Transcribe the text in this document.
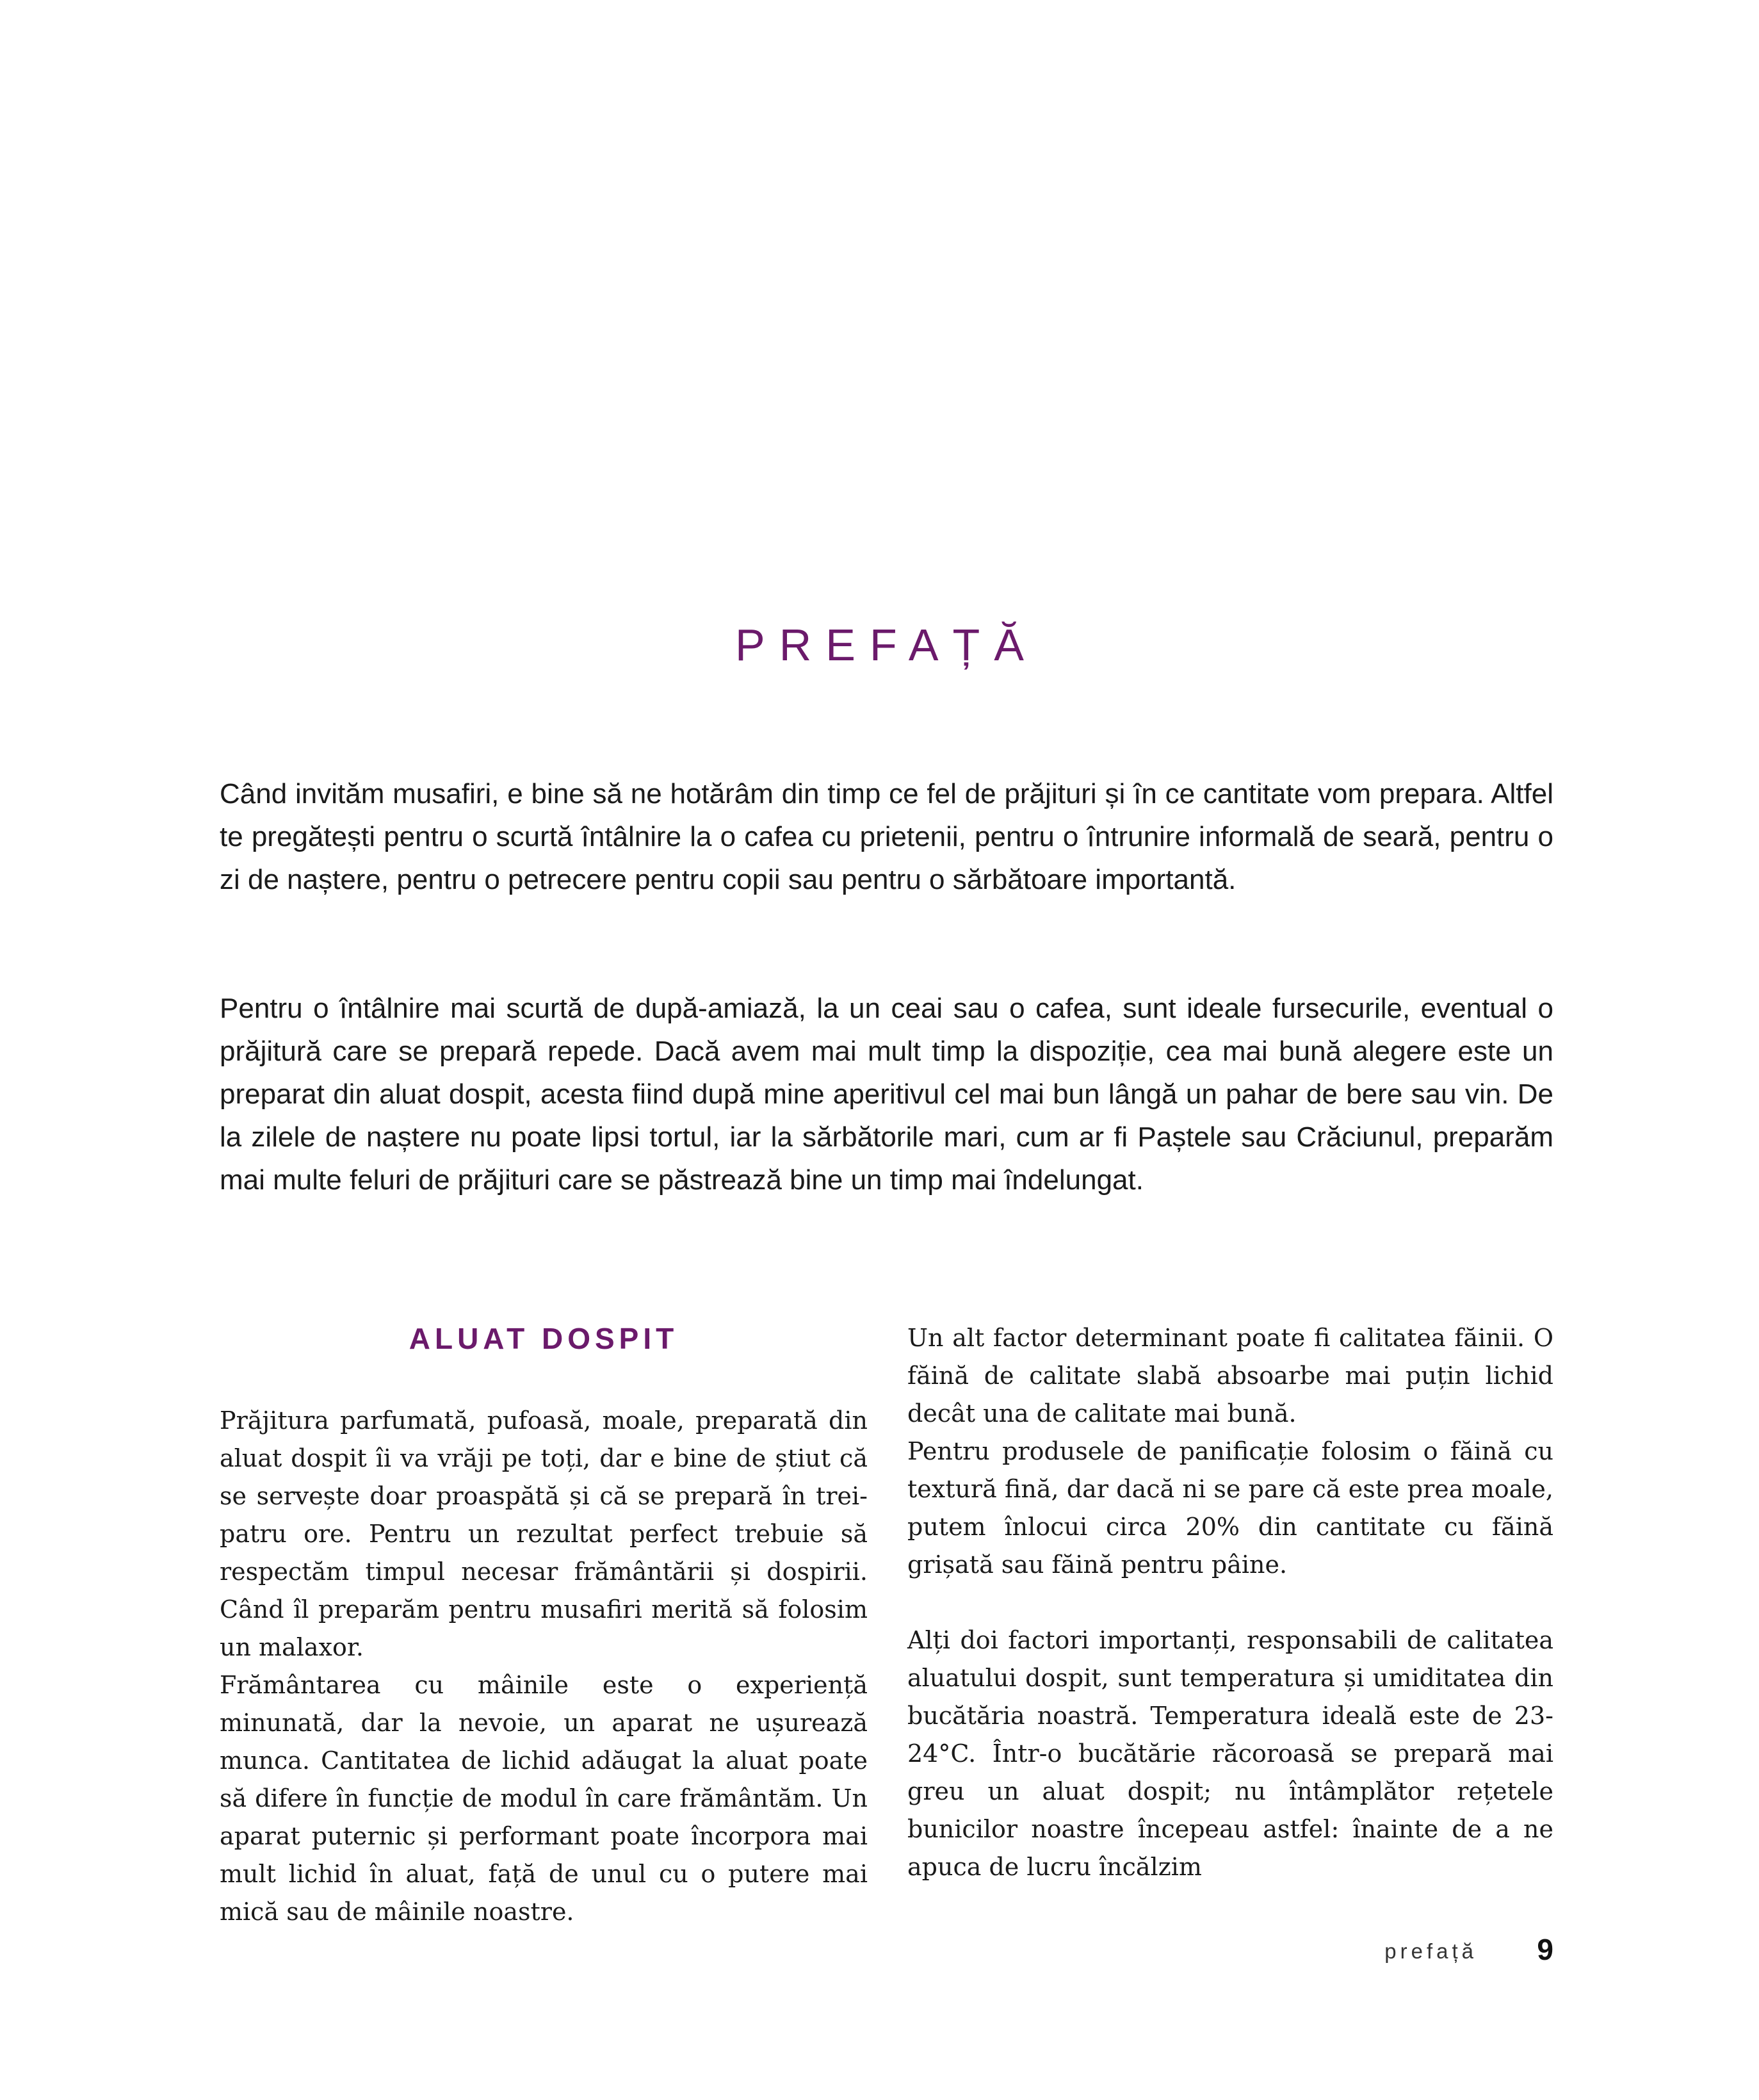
PREFAȚĂ

Când invităm musafiri, e bine să ne hotărâm din timp ce fel de prăjituri și în ce cantitate vom prepara. Altfel te pregătești pentru o scurtă întâlnire la o cafea cu prietenii, pentru o întrunire informală de seară, pentru o zi de naștere, pentru o petrecere pentru copii sau pentru o sărbătoare importantă.

Pentru o întâlnire mai scurtă de după-amiază, la un ceai sau o cafea, sunt ideale fursecurile, eventual o prăjitură care se prepară repede. Dacă avem mai mult timp la dispoziție, cea mai bună alegere este un preparat din aluat dospit, acesta fiind după mine aperitivul cel mai bun lângă un pahar de bere sau vin. De la zilele de naștere nu poate lipsi tortul, iar la sărbătorile mari, cum ar fi Paștele sau Crăciunul, preparăm mai multe feluri de prăjituri care se păstrează bine un timp mai îndelungat.

ALUAT DOSPIT

Prăjitura parfumată, pufoasă, moale, preparată din aluat dospit îi va vrăji pe toți, dar e bine de știut că se servește doar proaspătă și că se prepară în trei-patru ore. Pentru un rezultat perfect trebuie să respectăm timpul necesar frământării și dospirii. Când îl preparăm pentru musafiri merită să folosim un malaxor.

Frământarea cu mâinile este o experiență minunată, dar la nevoie, un aparat ne ușurează munca. Cantitatea de lichid adăugat la aluat poate să difere în funcție de modul în care frământăm. Un aparat puternic și performant poate încorpora mai mult lichid în aluat, față de unul cu o putere mai mică sau de mâinile noastre.

Un alt factor determinant poate fi calitatea făinii. O făină de calitate slabă absoarbe mai puțin lichid decât una de calitate mai bună.

Pentru produsele de panificație folosim o făină cu textură fină, dar dacă ni se pare că este prea moale, putem înlocui circa 20% din cantitate cu făină grișată sau făină pentru pâine.

Alți doi factori importanți, responsabili de calitatea aluatului dospit, sunt temperatura și umiditatea din bucătăria noastră. Temperatura ideală este de 23-24°C. Într-o bucătărie răcoroasă se prepară mai greu un aluat dospit; nu întâmplător rețetele bunicilor noastre începeau astfel: înainte de a ne apuca de lucru încălzim

prefață 9
